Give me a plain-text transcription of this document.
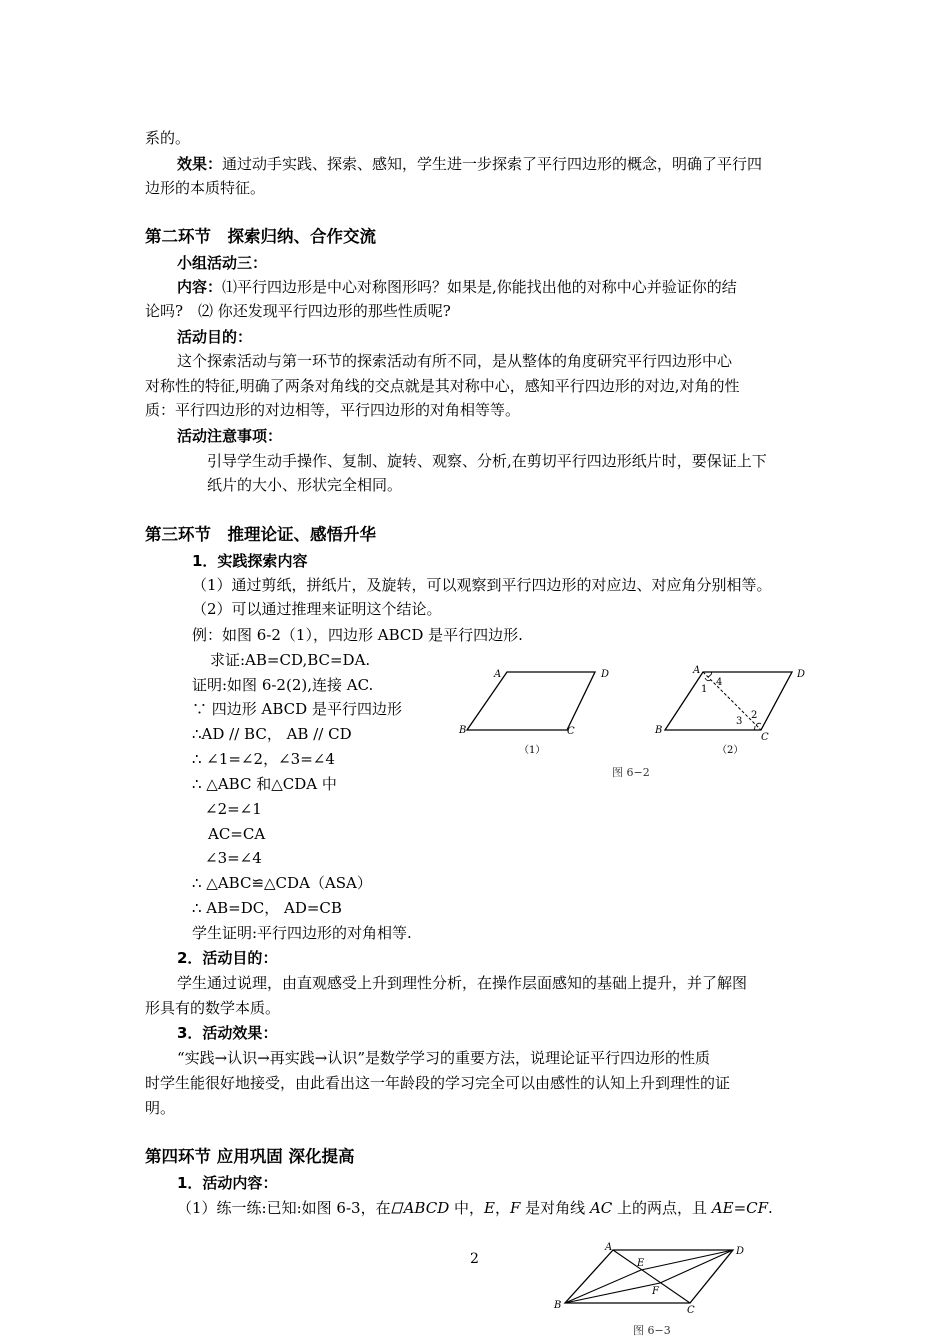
系的。
效果：通过动手实践、探索、感知，学生进一步探索了平行四边形的概念，明确了平行四
边形的本质特征。
第二环节　探索归纳、合作交流
小组活动三：
内容：⑴平行四边形是中心对称图形吗？如果是,你能找出他的对称中心并验证你的结
论吗?　⑵ 你还发现平行四边形的那些性质呢?
活动目的：
这个探索活动与第一环节的探索活动有所不同，是从整体的角度研究平行四边形中心
对称性的特征,明确了两条对角线的交点就是其对称中心，感知平行四边形的对边,对角的性
质：平行四边形的对边相等，平行四边形的对角相等等。
活动注意事项：
引导学生动手操作、复制、旋转、观察、分析,在剪切平行四边形纸片时，要保证上下
纸片的大小、形状完全相同。
第三环节　推理论证、感悟升华
1．实践探索内容
（1）通过剪纸，拼纸片，及旋转，可以观察到平行四边形的对应边、对应角分别相等。
（2）可以通过推理来证明这个结论。
例：如图 6-2（1），四边形 ABCD 是平行四边形.
求证:AB=CD,BC=DA.
证明:如图 6-2(2),连接 AC.
∵ 四边形 ABCD 是平行四边形
∴AD // BC， AB // CD
∴ ∠1=∠2，∠3=∠4
∴ △ABC 和△CDA 中
∠2=∠1
AC=CA
∠3=∠4
∴ △ABC≌△CDA（ASA）
∴ AB=DC， AD=CB
学生证明:平行四边形的对角相等.
2．活动目的：
学生通过说理，由直观感受上升到理性分析，在操作层面感知的基础上提升，并了解图
形具有的数学本质。
3．活动效果：
“实践→认识→再实践→认识”是数学学习的重要方法，说理论证平行四边形的性质
时学生能很好地接受，由此看出这一年龄段的学习完全可以由感性的认知上升到理性的证
明。
第四环节 应用巩固 深化提高
1．活动内容：
（1）练一练:已知:如图 6-3，在 ABCD 中，E，F 是对角线 AC 上的两点，且 AE=CF.
A	D
B	C
（1）
A	D
B
C
1
4
2
3
（2）
图 6−2
2
A	D
B	C
E
F
图 6−3
